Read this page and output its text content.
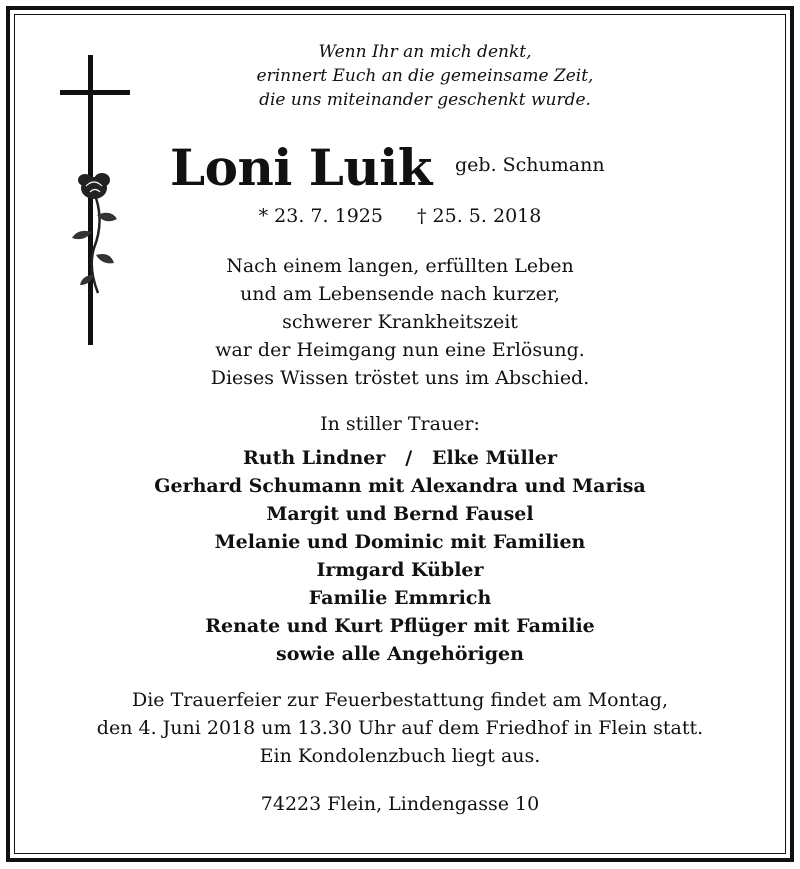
Wenn Ihr an mich denkt,
erinnert Euch an die gemeinsame Zeit,
die uns miteinander geschenkt wurde.
Loni Luik geb. Schumann
* 23. 7. 1925 † 25. 5. 2018
Nach einem langen, erfüllten Leben
und am Lebensende nach kurzer,
schwerer Krankheitszeit
war der Heimgang nun eine Erlösung.
Dieses Wissen tröstet uns im Abschied.
In stiller Trauer:
Ruth Lindner   /   Elke Müller
Gerhard Schumann mit Alexandra und Marisa
Margit und Bernd Fausel
Melanie und Dominic mit Familien
Irmgard Kübler
Familie Emmrich
Renate und Kurt Pflüger mit Familie
sowie alle Angehörigen
Die Trauerfeier zur Feuerbestattung findet am Montag,
den 4. Juni 2018 um 13.30 Uhr auf dem Friedhof in Flein statt.
Ein Kondolenzbuch liegt aus.
74223 Flein, Lindengasse 10
